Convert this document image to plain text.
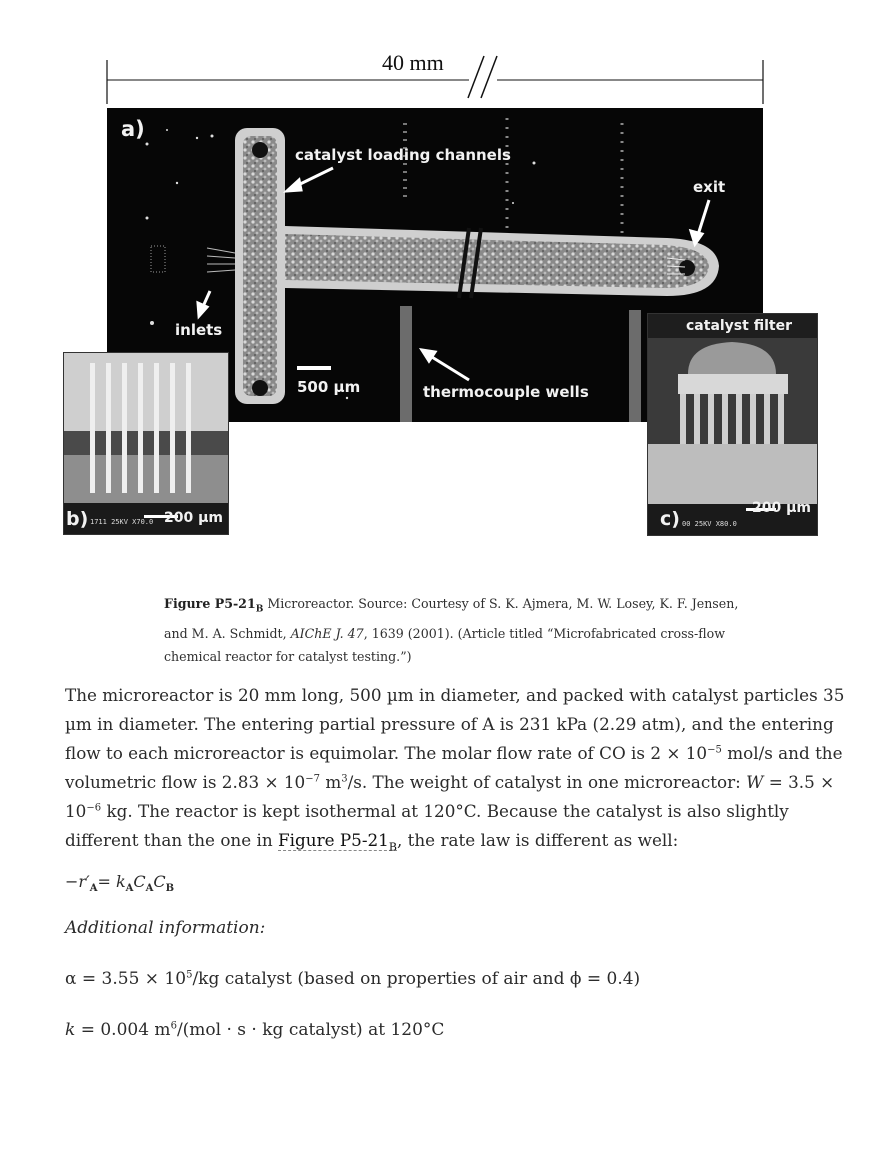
40 mm
a)
catalyst loading channels
exit
inlets
500 µm	thermocouple wells
b) 1711 25KV X70.0 200 µm
catalyst filter
c) 00 25KV X80.0
200 µm
Figure $P5-21_B$ Microreactor. Source: Courtesy of S. K. Ajmera, M. W. Losey, K. F. Jensen, and M. A. Schmidt, AIChE J. 47, 1639 (2001). (Article titled “Microfabricated cross-flow chemical reactor for catalyst testing.”)
The microreactor is 20 mm long, 500 µm in diameter, and packed with catalyst particles 35 µm in diameter. The entering partial pressure of A is 231 kPa (2.29 atm), and the entering flow to each microreactor is equimolar. The molar flow rate of CO is $2 \times 10^{-5}$ mol/s and the volumetric flow is $2.83 \times 10^{-7}$ $m^3/s$. The weight of catalyst in one microreactor: $W = 3.5 \times 10^{-6}$ kg. The reactor is kept isothermal at 120°C. Because the catalyst is also slightly different than the one in Figure $P5-21_B$, the rate law is different as well:
$-r'_A= k_AC_AC_B$
Additional information:
$\alpha = 3.55 \times 10^5/kg$ catalyst (based on properties of air and ϕ = 0.4)
k = 0.004 $m^6/(mol \cdot s$ · kg catalyst) at 120°C
